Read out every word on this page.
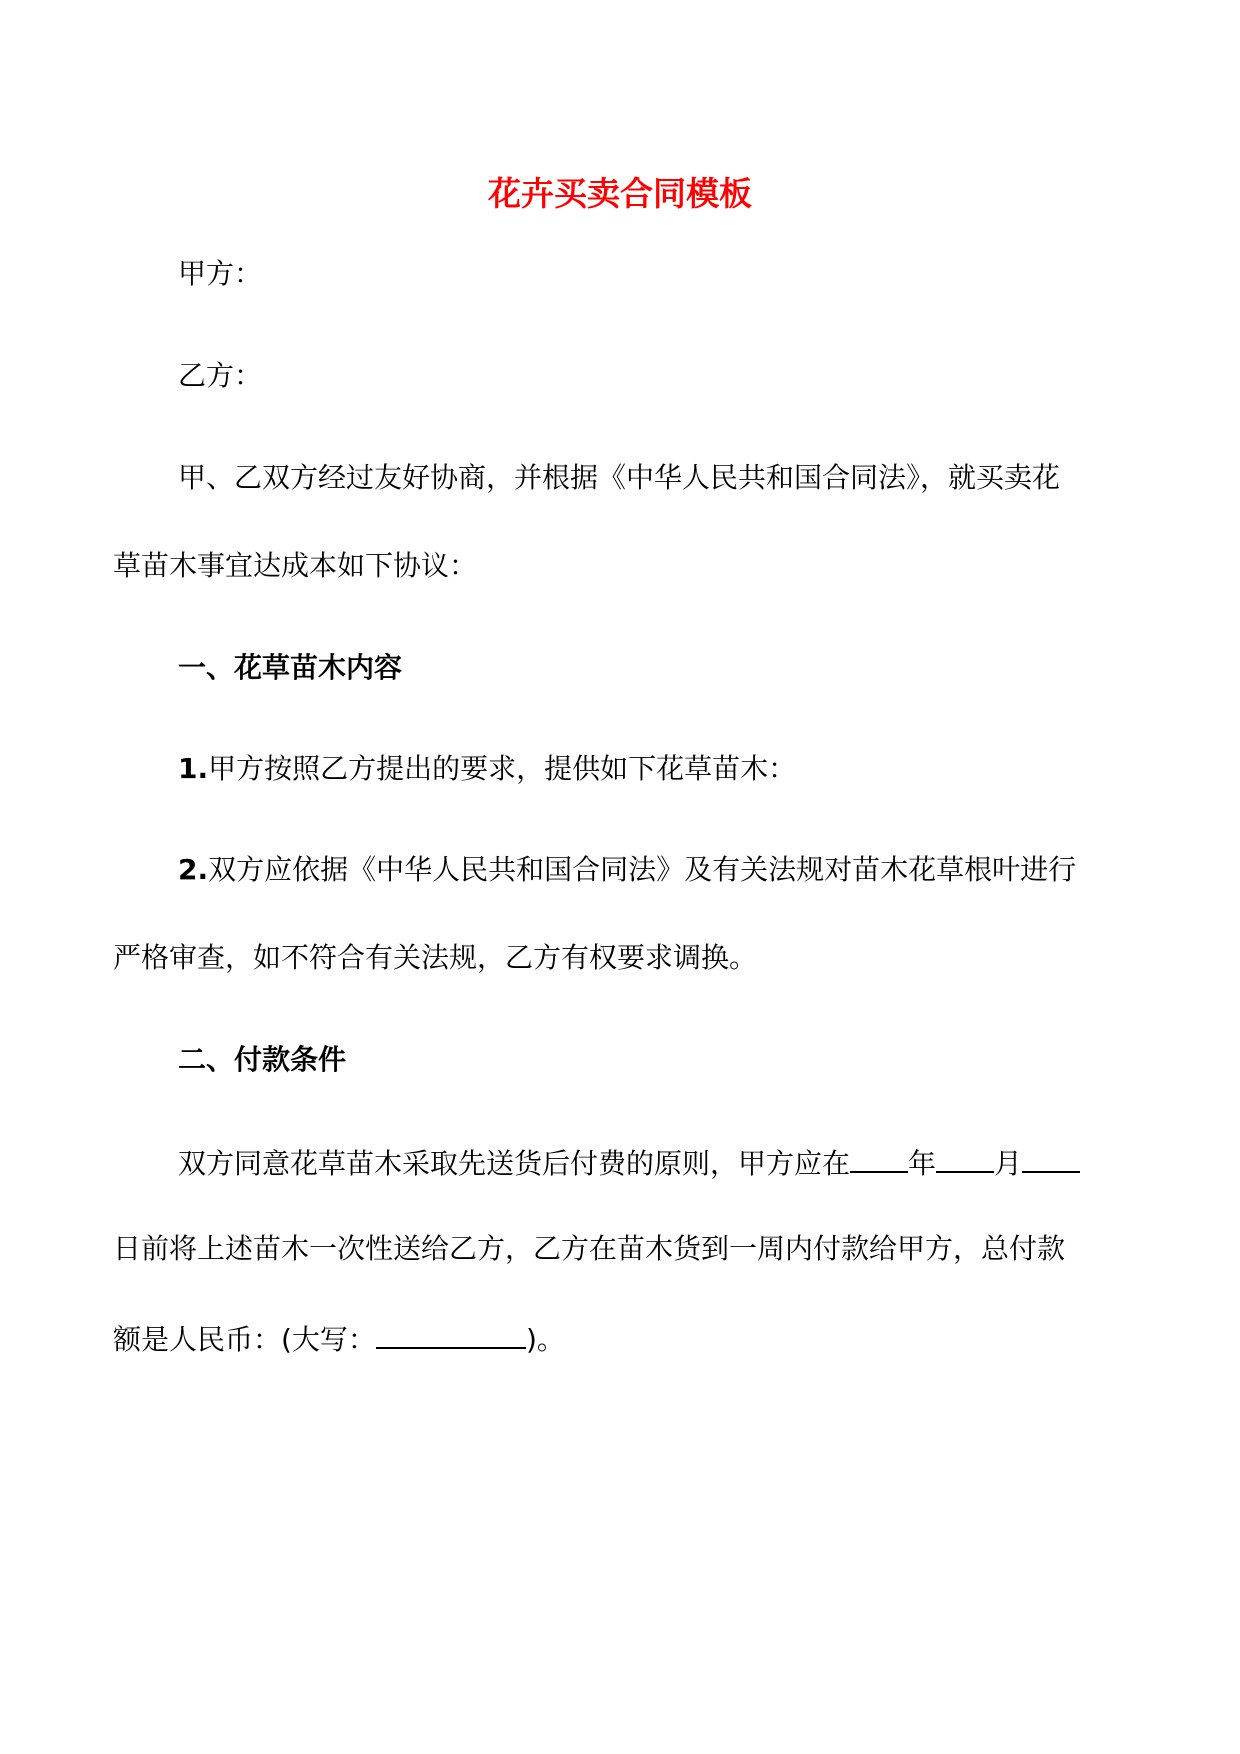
花卉买卖合同模板
甲方：
乙方：
甲、乙双方经过友好协商，并根据《中华人民共和国合同法》，就买卖花
草苗木事宜达成本如下协议：
一、花草苗木内容
1.甲方按照乙方提出的要求，提供如下花草苗木：
2.双方应依据《中华人民共和国合同法》及有关法规对苗木花草根叶进行
严格审查，如不符合有关法规，乙方有权要求调换。
二、付款条件
双方同意花草苗木采取先送货后付费的原则，甲方应在 年 月
日前将上述苗木一次性送给乙方，乙方在苗木货到一周内付款给甲方，总付款
额是人民币：(大写：	)。
